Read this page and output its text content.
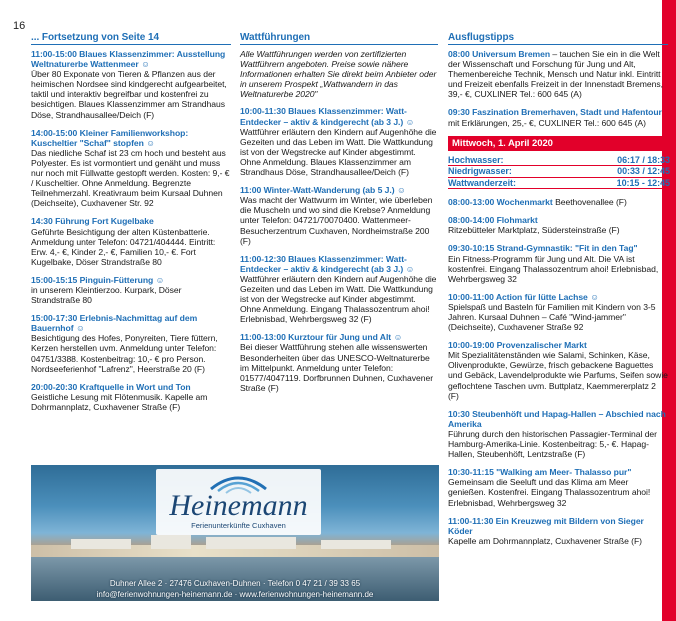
16
... Fortsetzung von Seite 14
11:00-15:00 Blaues Klassenzimmer: Ausstellung Weltnaturerbe Wattenmeer ☺
Über 80 Exponate von Tieren & Pflanzen aus der heimischen Nordsee sind kindgerecht aufgearbeitet, taktil und interaktiv begreifbar und kostenfrei zu besichtigen. Blaues Klassenzimmer am Strandhaus Döse, Strandhausallee/Deich (F)
14:00-15:00 Kleiner Familienworkshop: Kuscheltier "Schaf" stopfen ☺
Das niedliche Schaf ist 23 cm hoch und besteht aus Polyester. Es ist vormontiert und genäht und muss nur noch mit Füllwatte gestopft werden. Kosten: 9,- € / Kuscheltier. Ohne Anmeldung. Begrenzte Teilnehmerzahl. Kreativraum beim Kursaal Duhnen (Deichseite), Cuxhavener Str. 92
14:30 Führung Fort Kugelbake
Geführte Besichtigung der alten Küstenbatterie. Anmeldung unter Telefon: 04721/404444. Eintritt: Erw. 4,- €, Kinder 2,- €, Familien 10,- €. Fort Kugelbake, Döser Strandstraße 80
15:00-15:15 Pinguin-Fütterung ☺
in unserem Kleintierzoo. Kurpark, Döser Strandstraße 80
15:00-17:30 Erlebnis-Nachmittag auf dem Bauernhof ☺
Besichtigung des Hofes, Ponyreiten, Tiere füttern, Kerzen herstellen uvm. Anmeldung unter Telefon: 04751/3388. Kostenbeitrag: 10,- € pro Person. Nordseeferienhof "Lafrenz", Heerstraße 20 (F)
20:00-20:30 Kraftquelle in Wort und Ton
Geistliche Lesung mit Flötenmusik. Kapelle am Dohrmannplatz, Cuxhavener Straße (F)
Wattführungen
Alle Wattführungen werden von zertifizierten Wattführern angeboten. Preise sowie nähere Informationen erhalten Sie direkt beim Anbieter oder in unserem Prospekt „Wattwandern in das Weltnaturerbe 2020"
10:00-11:30 Blaues Klassenzimmer: Watt-Entdecker – aktiv & kindgerecht (ab 3 J.) ☺
Wattführer erläutern den Kindern auf Augenhöhe die Gezeiten und das Leben im Watt. Die Wattkundung ist von der Wegstrecke auf Kinder abgestimmt. Ohne Anmeldung. Blaues Klassenzimmer am Strandhaus Döse, Strandhausallee/Deich (F)
11:00 Winter-Watt-Wanderung (ab 5 J.) ☺
Was macht der Wattwurm im Winter, wie überleben die Muscheln und wo sind die Krebse? Anmeldung unter Telefon: 04721/70070400. Wattenmeer-Besucherzentrum Cuxhaven, Nordheimstraße 200 (F)
11:00-12:30 Blaues Klassenzimmer: Watt-Entdecker – aktiv & kindgerecht (ab 3 J.) ☺
Wattführer erläutern den Kindern auf Augenhöhe die Gezeiten und das Leben im Watt. Die Wattkundung ist von der Wegstrecke auf Kinder abgestimmt. Ohne Anmeldung. Eingang Thalassozentrum ahoi! Erlebnisbad, Wehrbergsweg 32 (F)
11:00-13:00 Kurztour für Jung und Alt ☺
Bei dieser Wattführung stehen alle wissenswerten Besonderheiten über das UNESCO-Weltnaturerbe im Mittelpunkt. Anmeldung unter Telefon: 01577/4047119. Dorfbrunnen Duhnen, Cuxhavener Straße (F)
Ausflugstipps
08:00 Universum Bremen – tauchen Sie ein in die Welt der Wissenschaft und Forschung für Jung und Alt, Themenbereiche Technik, Mensch und Natur inkl. Eintritt und Freizeit ebenfalls Freizeit in der Innenstadt Bremens, 39,- €, CUXLINER Tel.: 600 645 (A)
09:30 Faszination Bremerhaven, Stadt und Hafentour mit Erklärungen, 25,- €, CUXLINER Tel.: 600 645 (A)
Mittwoch, 1. April 2020
Hochwasser:	06:17 / 18:33
Niedrigwasser:	00:33 / 12:45
Wattwanderzeit:	10:15 - 12:45
08:00-13:00 Wochenmarkt Beethovenallee (F)
08:00-14:00 Flohmarkt
Ritzebütteler Marktplatz, Südersteinstraße (F)
09:30-10:15 Strand-Gymnastik: "Fit in den Tag"
Ein Fitness-Programm für Jung und Alt. Die VA ist kostenfrei. Eingang Thalassozentrum ahoi! Erlebnisbad, Wehrbergsweg 32
10:00-11:00 Action für lütte Lachse ☺
Spielspaß und Basteln für Familien mit Kindern von 3-5 Jahren. Kursaal Duhnen – Café "Wind-jammer" (Deichseite), Cuxhavener Straße 92
10:00-19:00 Provenzalischer Markt
Mit Spezialitätenständen wie Salami, Schinken, Käse, Olivenprodukte, Gewürze, frisch gebackene Baguettes und Gebäck, Lavendelprodukte wie Parfums, Seifen sowie geflochtene Taschen uvm. Buttplatz, Kaemmererplatz 2 (F)
10:30 Steubenhöft und Hapag-Hallen – Abschied nach Amerika
Führung durch den historischen Passagier-Terminal der Hamburg-Amerika-Linie. Kostenbeitrag: 5,- €. Hapag-Hallen, Steubenhöft, Lentzstraße (F)
10:30-11:15 "Walking am Meer- Thalasso pur"
Gemeinsam die Seeluft und das Klima am Meer genießen. Kostenfrei. Eingang Thalassozentrum ahoi! Erlebnisbad, Wehrbergsweg 32
11:00-11:30 Ein Kreuzweg mit Bildern von Sieger Köder
Kapelle am Dohrmannplatz, Cuxhavener Straße (F)
Heinemann
Ferienunterkünfte Cuxhaven
Duhner Allee 2 · 27476 Cuxhaven-Duhnen · Telefon 0 47 21 / 39 33 65
info@ferienwohnungen-heinemann.de · www.ferienwohnungen-heinemann.de
